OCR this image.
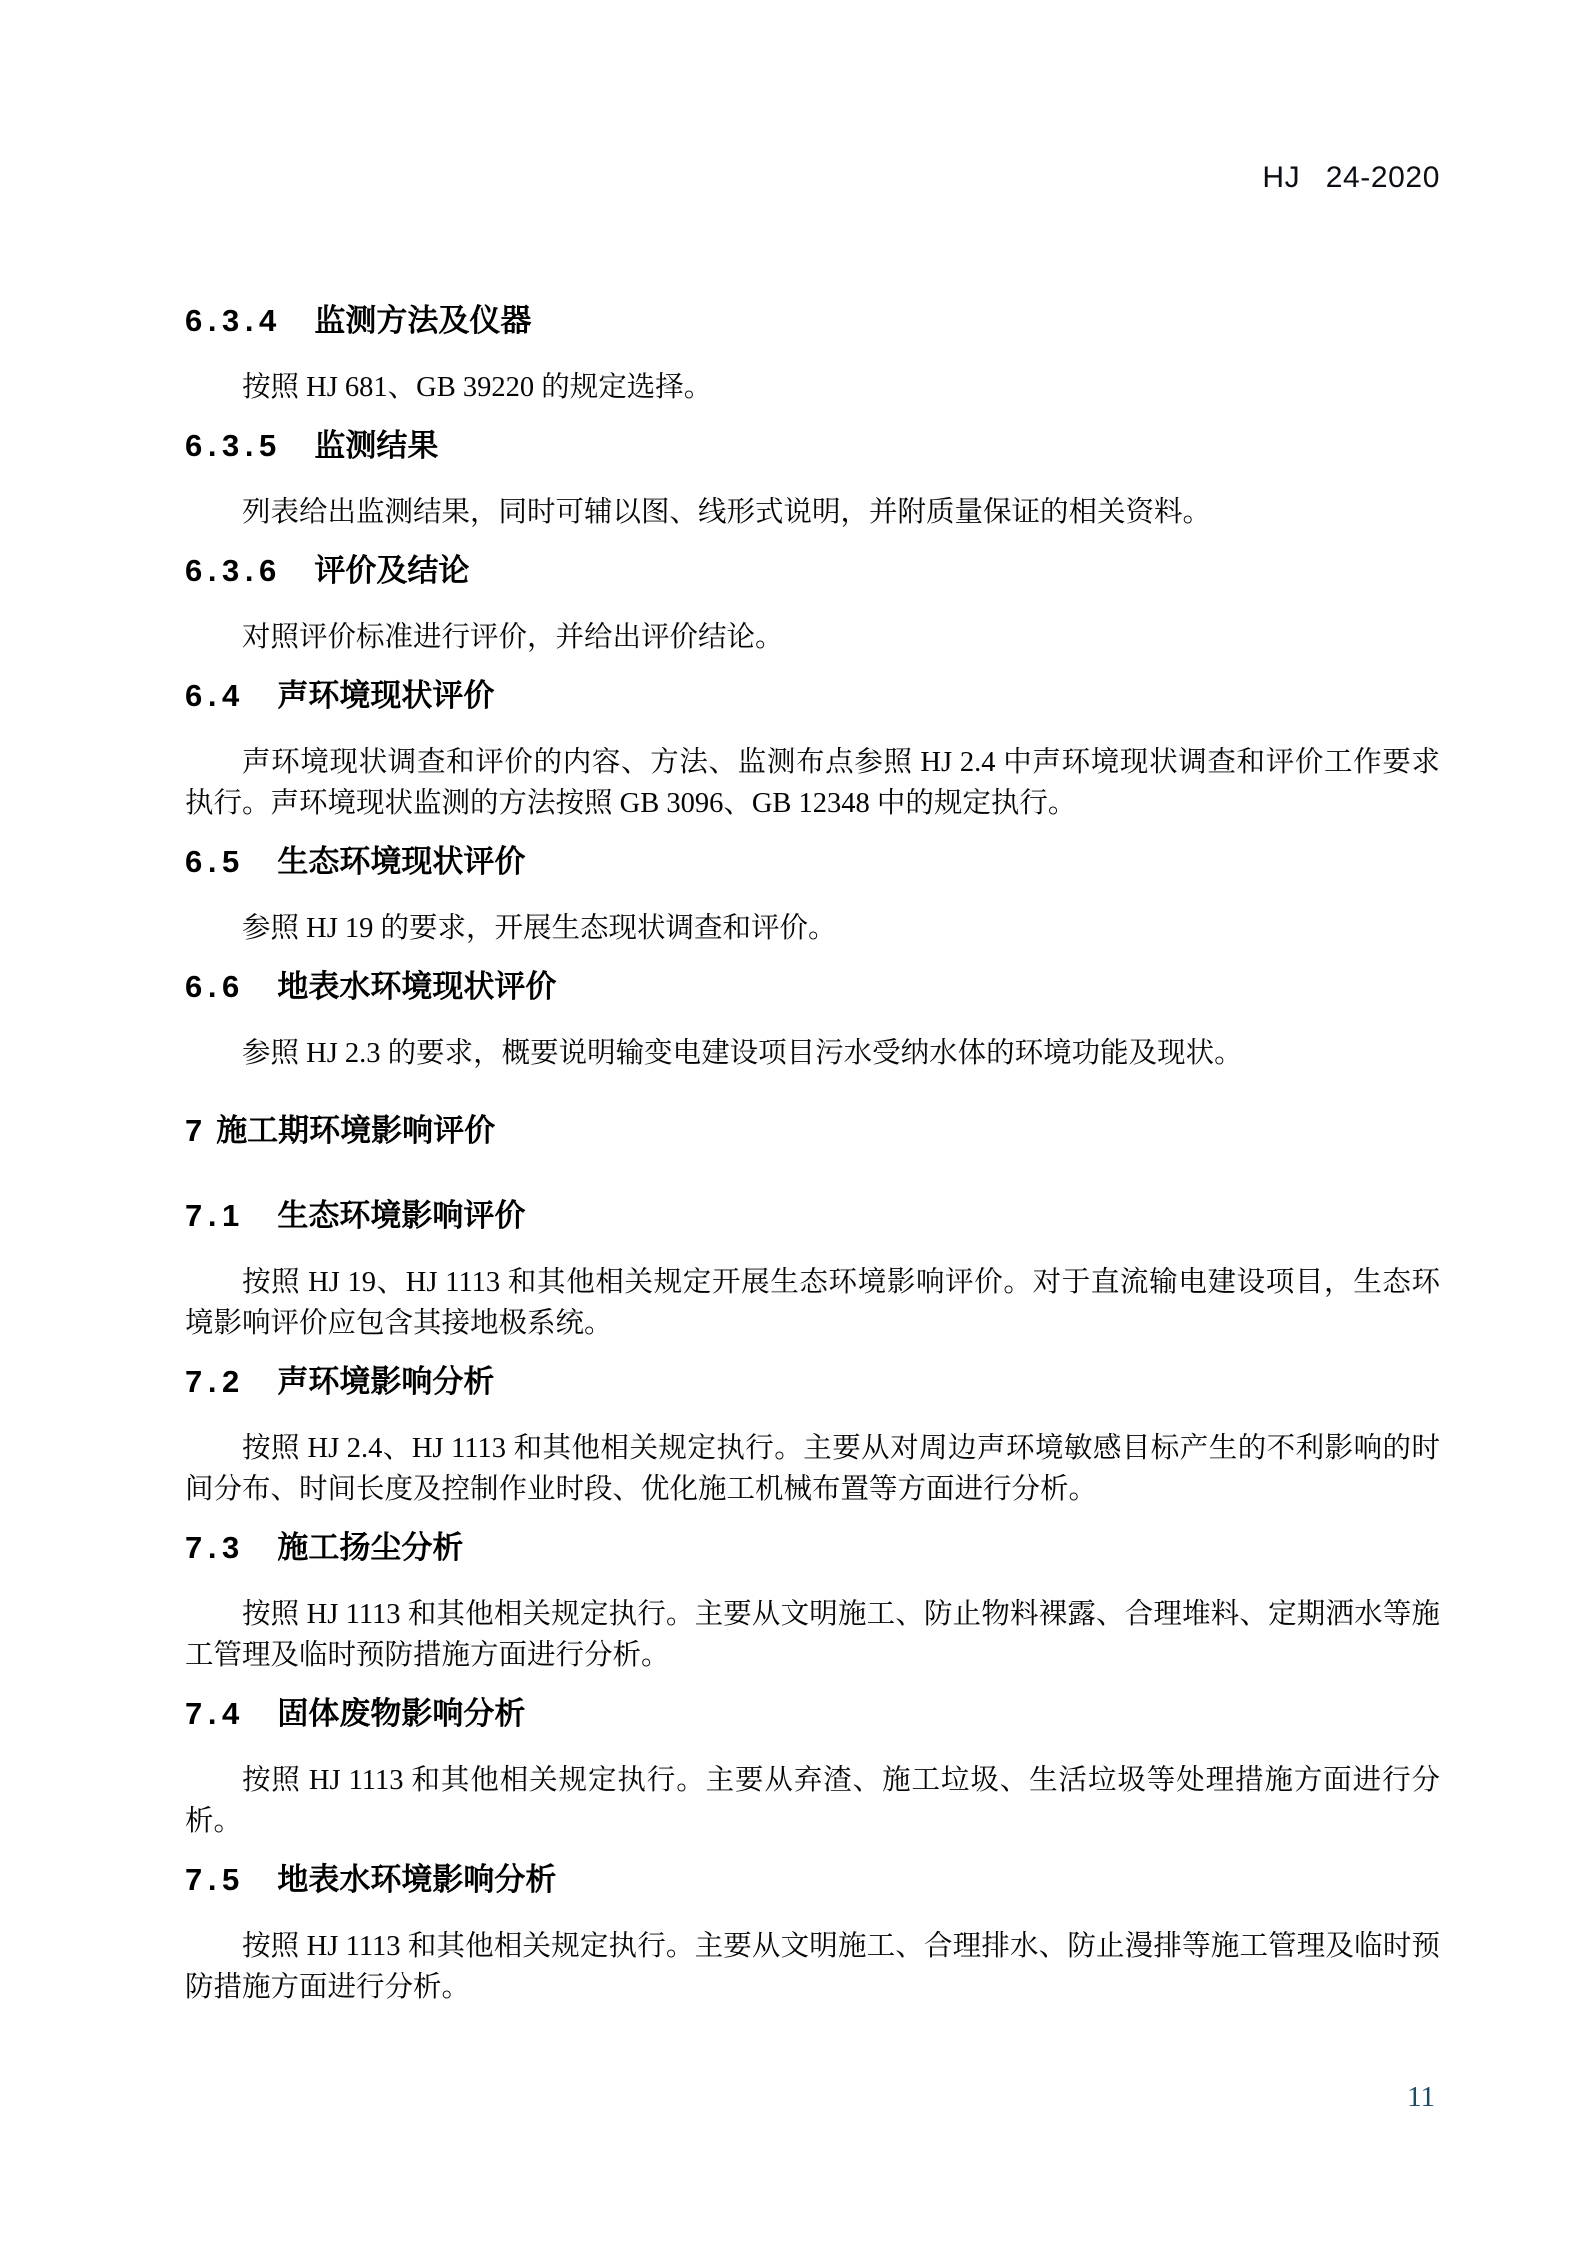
HJ 24-2020
6.3.4 监测方法及仪器

按照 HJ 681、GB 39220 的规定选择。

6.3.5 监测结果

列表给出监测结果，同时可辅以图、线形式说明，并附质量保证的相关资料。

6.3.6 评价及结论

对照评价标准进行评价，并给出评价结论。

6.4 声环境现状评价

声环境现状调查和评价的内容、方法、监测布点参照 HJ 2.4 中声环境现状调查和评价工作要求执行。声环境现状监测的方法按照 GB 3096、GB 12348 中的规定执行。

6.5 生态环境现状评价

参照 HJ 19 的要求，开展生态现状调查和评价。

6.6 地表水环境现状评价

参照 HJ 2.3 的要求，概要说明输变电建设项目污水受纳水体的环境功能及现状。

7 施工期环境影响评价
7.1 生态环境影响评价

按照 HJ 19、HJ 1113 和其他相关规定开展生态环境影响评价。对于直流输电建设项目，生态环境影响评价应包含其接地极系统。

7.2 声环境影响分析

按照 HJ 2.4、HJ 1113 和其他相关规定执行。主要从对周边声环境敏感目标产生的不利影响的时间分布、时间长度及控制作业时段、优化施工机械布置等方面进行分析。

7.3 施工扬尘分析

按照 HJ 1113 和其他相关规定执行。主要从文明施工、防止物料裸露、合理堆料、定期洒水等施工管理及临时预防措施方面进行分析。

7.4 固体废物影响分析

按照 HJ 1113 和其他相关规定执行。主要从弃渣、施工垃圾、生活垃圾等处理措施方面进行分析。

7.5 地表水环境影响分析

按照 HJ 1113 和其他相关规定执行。主要从文明施工、合理排水、防止漫排等施工管理及临时预防措施方面进行分析。

11
